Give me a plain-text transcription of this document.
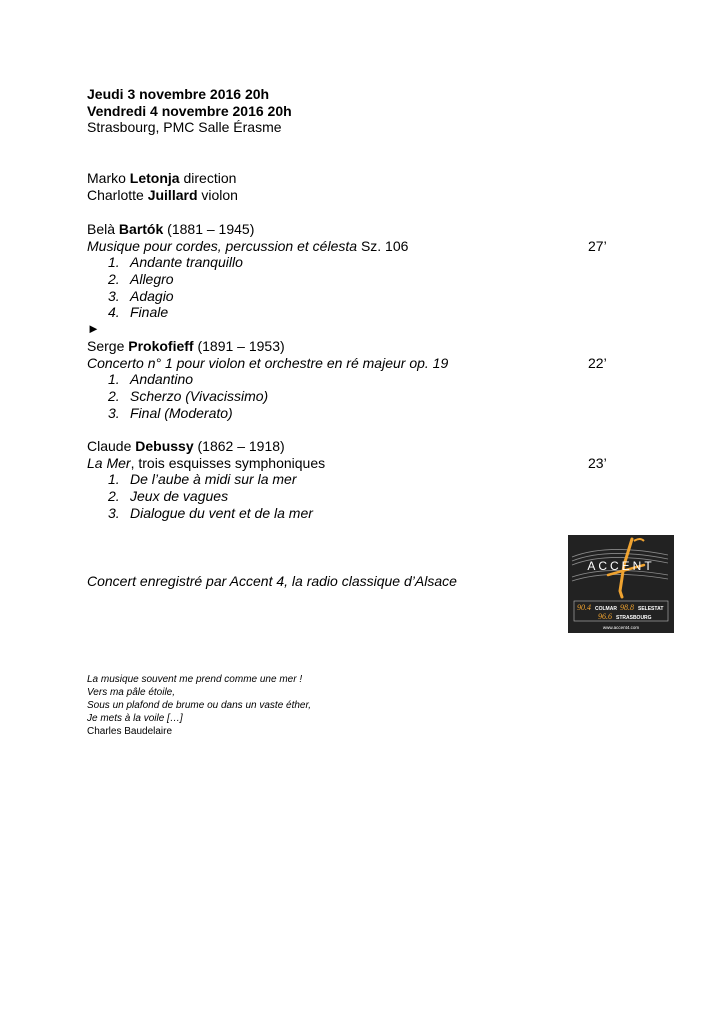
Jeudi 3 novembre 2016 20h
Vendredi 4 novembre 2016 20h
Strasbourg, PMC Salle Érasme
Marko Letonja direction
Charlotte Juillard violon
Belà Bartók (1881 – 1945)
Musique pour cordes, percussion et célesta Sz. 106	27’
1. Andante tranquillo
2. Allegro
3. Adagio
4. Finale
►
Serge Prokofieff (1891 – 1953)
Concerto n° 1 pour violon et orchestre en ré majeur op. 19	22’
1. Andantino
2. Scherzo (Vivacissimo)
3. Final (Moderato)
Claude Debussy (1862 – 1918)
La Mer, trois esquisses symphoniques	23’
1. De l’aube à midi sur la mer
2. Jeux de vagues
3. Dialogue du vent et de la mer
Concert enregistré par Accent 4, la radio classique d’Alsace
ACCENT
90.4 COLMAR 98.8 SELESTAT
96.6 STRASBOURG
www.accent4.com
La musique souvent me prend comme une mer !
Vers ma pâle étoile,
Sous un plafond de brume ou dans un vaste éther,
Je mets à la voile […]
Charles Baudelaire
